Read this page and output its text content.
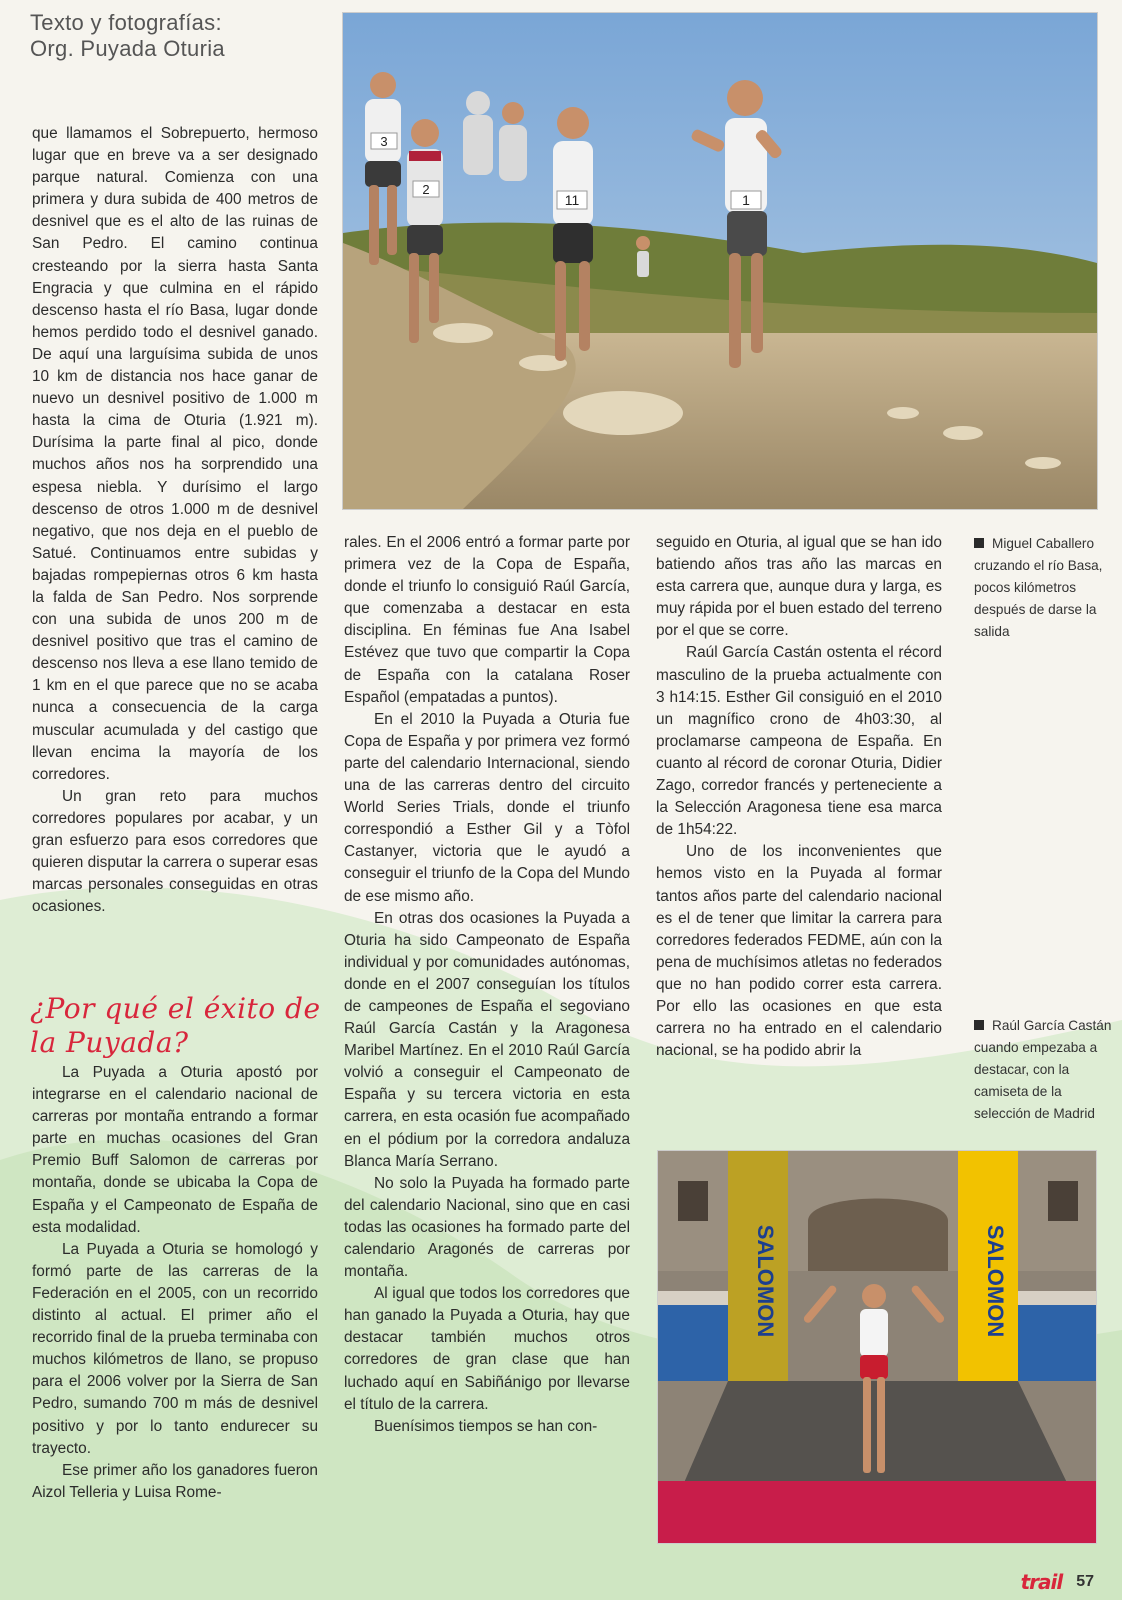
Texto y fotografías:
Org. Puyada Oturia
1
11
2
3
Miguel Caballero cruzando el río Basa, pocos kilómetros después de darse la salida

que llamamos el Sobrepuerto, hermoso lugar que en breve va a ser designado parque natural. Comienza con una primera y dura subida de 400 metros de desnivel que es el alto de las ruinas de San Pedro. El camino continua cresteando por la sierra hasta Santa Engracia y que culmina en el rápido descenso hasta el río Basa, lugar donde hemos perdido todo el desnivel ganado. De aquí una larguísima subida de unos 10 km de distancia nos hace ganar de nuevo un desnivel positivo de 1.000 m hasta la cima de Oturia (1.921 m). Durísima la parte final al pico, donde muchos años nos ha sorprendido una espesa niebla. Y durísimo el largo descenso de otros 1.000 m de desnivel negativo, que nos deja en el pueblo de Satué. Continuamos entre subidas y bajadas rompepiernas otros 6 km hasta la falda de San Pedro. Nos sorprende con una subida de unos 200 m de desnivel positivo que tras el camino de descenso nos lleva a ese llano temido de 1 km en el que parece que no se acaba nunca a consecuencia de la carga muscular acumulada y del castigo que llevan encima la mayoría de los corredores.

Un gran reto para muchos corredores populares por acabar, y un gran esfuerzo para esos corredores que quieren disputar la carrera o superar esas marcas personales conseguidas en otras ocasiones.

¿Por qué el éxito de
la Puyada?

La Puyada a Oturia apostó por integrarse en el calendario nacional de carreras por montaña entrando a formar parte en muchas ocasiones del Gran Premio Buff Salomon de carreras por montaña, donde se ubicaba la Copa de España y el Campeonato de España de esta modalidad.

La Puyada a Oturia se homologó y formó parte de las carreras de la Federación en el 2005, con un recorrido distinto al actual. El primer año el recorrido final de la prueba terminaba con muchos kilómetros de llano, se propuso para el 2006 volver por la Sierra de San Pedro, sumando 700 m más de desnivel positivo y por lo tanto endurecer su trayecto.

Ese primer año los ganadores fueron Aizol Telleria y Luisa Rome-

rales. En el 2006 entró a formar parte por primera vez de la Copa de España, donde el triunfo lo consiguió Raúl García, que comenzaba a destacar en esta disciplina. En féminas fue Ana Isabel Estévez que tuvo que compartir la Copa de España con la catalana Roser Español (empatadas a puntos).

En el 2010 la Puyada a Oturia fue Copa de España y por primera vez formó parte del calendario Internacional, siendo una de las carreras dentro del circuito World Series Trials, donde el triunfo correspondió a Esther Gil y a Tòfol Castanyer, victoria que le ayudó a conseguir el triunfo de la Copa del Mundo de ese mismo año.

En otras dos ocasiones la Puyada a Oturia ha sido Campeonato de España individual y por comunidades autónomas, donde en el 2007 conseguían los títulos de campeones de España el segoviano Raúl García Castán y la Aragonesa Maribel Martínez. En el 2010 Raúl García volvió a conseguir el Campeonato de España y su tercera victoria en esta carrera, en esta ocasión fue acompañado en el pódium por la corredora andaluza Blanca María Serrano.

No solo la Puyada ha formado parte del calendario Nacional, sino que en casi todas las ocasiones ha formado parte del calendario Aragonés de carreras por montaña.

Al igual que todos los corredores que han ganado la Puyada a Oturia, hay que destacar también muchos otros corredores de gran clase que han luchado aquí en Sabiñánigo por llevarse el título de la carrera.

Buenísimos tiempos se han con-

seguido en Oturia, al igual que se han ido batiendo años tras año las marcas en esta carrera que, aunque dura y larga, es muy rápida por el buen estado del terreno por el que se corre.

Raúl García Castán ostenta el récord masculino de la prueba actualmente con 3 h14:15. Esther Gil consiguió en el 2010 un magnífico crono de 4h03:30, al proclamarse campeona de España. En cuanto al récord de coronar Oturia, Didier Zago, corredor francés y perteneciente a la Selección Aragonesa tiene esa marca de 1h54:22.

Uno de los inconvenientes que hemos visto en la Puyada al formar tantos años parte del calendario nacional es el de tener que limitar la carrera para corredores federados FEDME, aún con la pena de muchísimos atletas no federados que no han podido correr esta carrera. Por ello las ocasiones en que esta carrera no ha entrado en el calendario nacional, se ha podido abrir la

Raúl García Castán cuando empezaba a destacar, con la camiseta de la selección de Madrid
SALOMON	SALOMON
trail 57
